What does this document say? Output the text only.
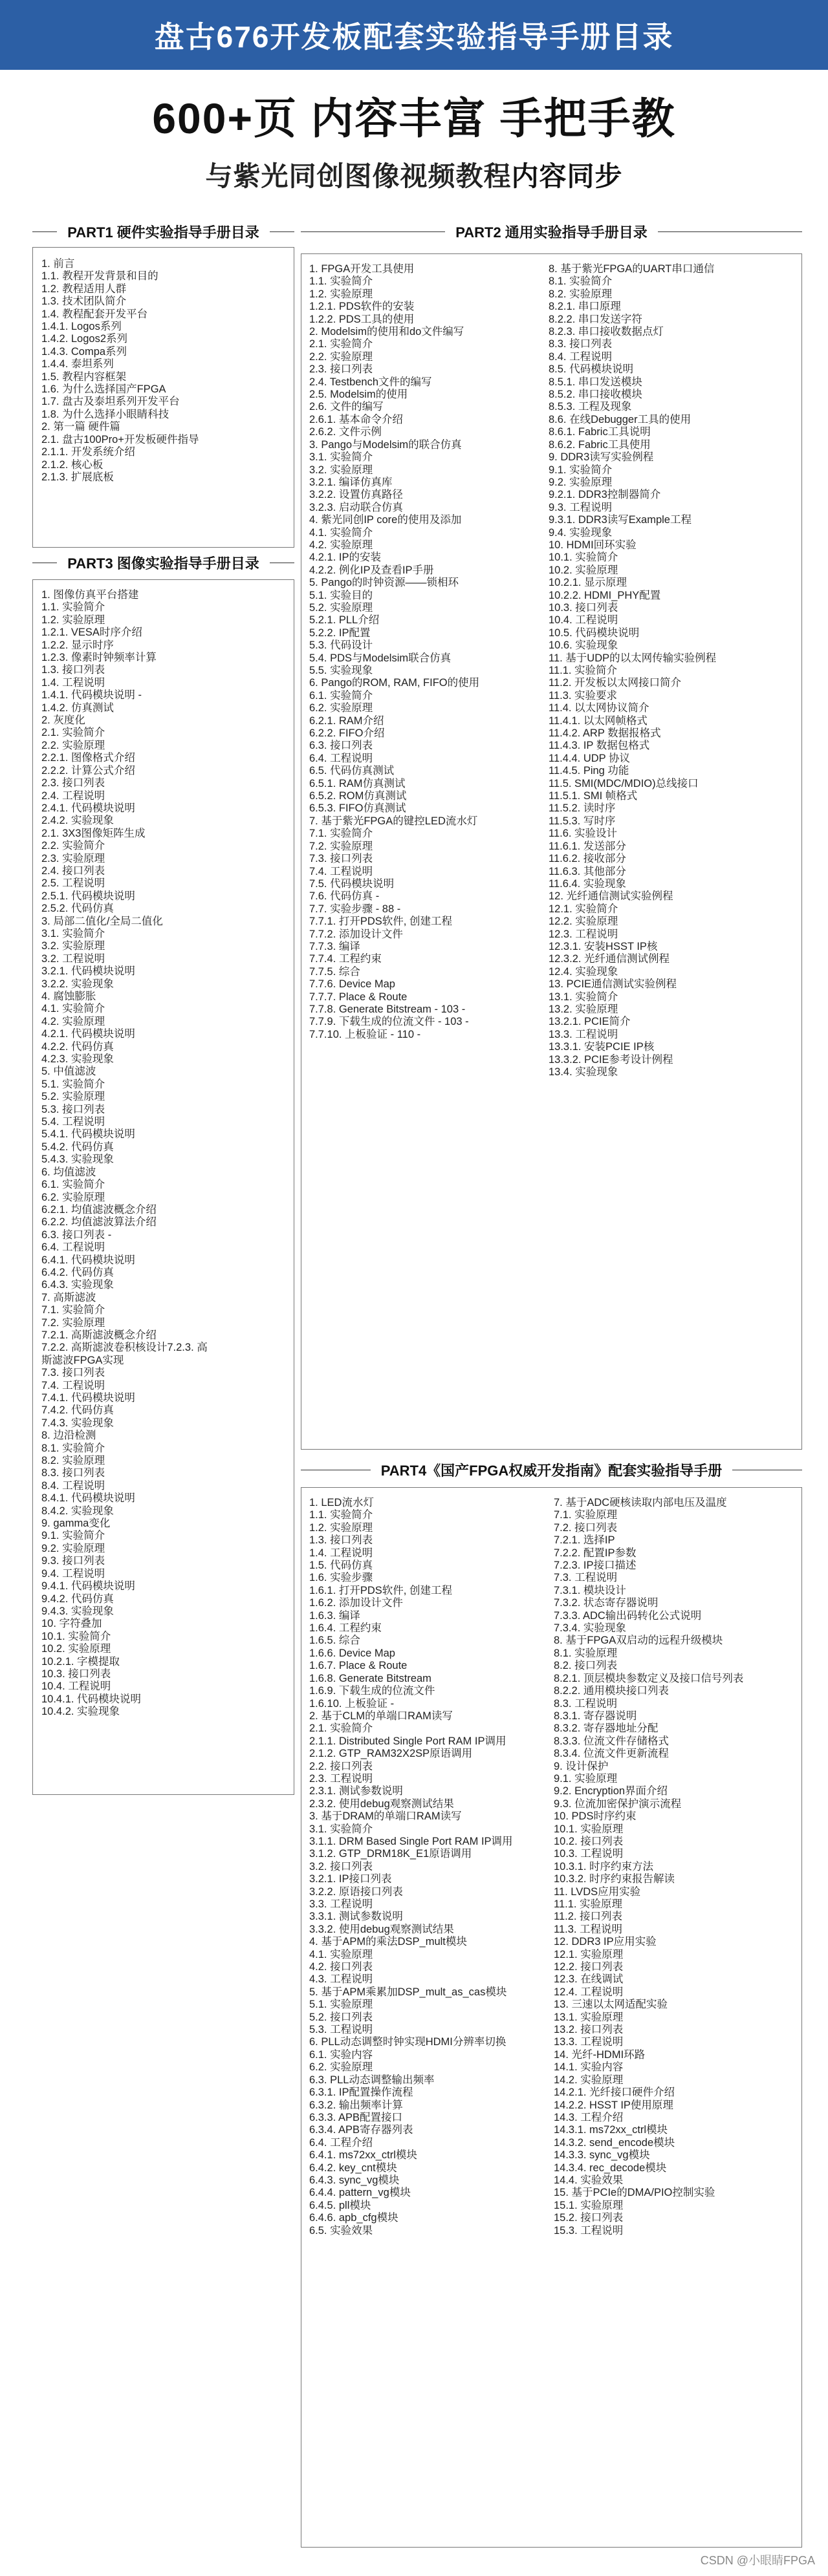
盘古676开发板配套实验指导手册目录
600+页 内容丰富 手把手教
与紫光同创图像视频教程内容同步
PART1 硬件实验指导手册目录
1. 前言
1.1. 教程开发背景和目的
1.2. 教程适用人群
1.3. 技术团队简介
1.4. 教程配套开发平台
1.4.1. Logos系列
1.4.2. Logos2系列
1.4.3. Compa系列
1.4.4. 泰坦系列
1.5. 教程内容框架
1.6. 为什么选择国产FPGA
1.7. 盘古及泰坦系列开发平台
1.8. 为什么选择小眼睛科技
2. 第一篇 硬件篇
2.1. 盘古100Pro+开发板硬件指导
2.1.1. 开发系统介绍
2.1.2. 核心板
2.1.3. 扩展底板
PART3 图像实验指导手册目录
1. 图像仿真平台搭建
1.1. 实验简介
1.2. 实验原理
1.2.1. VESA时序介绍
1.2.2. 显示时序
1.2.3. 像素时钟频率计算
1.3. 接口列表
1.4. 工程说明
1.4.1. 代码模块说明 -
1.4.2. 仿真测试
2. 灰度化
2.1. 实验简介
2.2. 实验原理
2.2.1. 图像格式介绍
2.2.2. 计算公式介绍
2.3. 接口列表
2.4. 工程说明
2.4.1. 代码模块说明
2.4.2. 实验现象
2.1. 3X3图像矩阵生成
2.2. 实验简介
2.3. 实验原理
2.4. 接口列表
2.5. 工程说明
2.5.1. 代码模块说明
2.5.2. 代码仿真
3. 局部二值化/全局二值化
3.1. 实验简介
3.2. 实验原理
3.2. 工程说明
3.2.1. 代码模块说明
3.2.2. 实验现象
4. 腐蚀膨胀
4.1. 实验简介
4.2. 实验原理
4.2.1. 代码模块说明
4.2.2. 代码仿真
4.2.3. 实验现象
5. 中值滤波
5.1. 实验简介
5.2. 实验原理
5.3. 接口列表
5.4. 工程说明
5.4.1. 代码模块说明
5.4.2. 代码仿真
5.4.3. 实验现象
6. 均值滤波
6.1. 实验简介
6.2. 实验原理
6.2.1. 均值滤波概念介绍
6.2.2. 均值滤波算法介绍
6.3. 接口列表 -
6.4. 工程说明
6.4.1. 代码模块说明
6.4.2. 代码仿真
6.4.3. 实验现象
7. 高斯滤波
7.1. 实验简介
7.2. 实验原理
7.2.1. 高斯滤波概念介绍
7.2.2. 高斯滤波卷积核设计7.2.3. 高
斯滤波FPGA实现
7.3. 接口列表
7.4. 工程说明
7.4.1. 代码模块说明
7.4.2. 代码仿真
7.4.3. 实验现象
8. 边沿检测
8.1. 实验简介
8.2. 实验原理
8.3. 接口列表
8.4. 工程说明
8.4.1. 代码模块说明
8.4.2. 实验现象
9. gamma变化
9.1. 实验简介
9.2. 实验原理
9.3. 接口列表
9.4. 工程说明
9.4.1. 代码模块说明
9.4.2. 代码仿真
9.4.3. 实验现象
10. 字符叠加
10.1. 实验简介
10.2. 实验原理
10.2.1. 字模提取
10.3. 接口列表
10.4. 工程说明
10.4.1. 代码模块说明
10.4.2. 实验现象
PART2 通用实验指导手册目录
1. FPGA开发工具使用
1.1. 实验简介
1.2. 实验原理
1.2.1. PDS软件的安装
1.2.2. PDS工具的使用
2. Modelsim的使用和do文件编写
2.1. 实验简介
2.2. 实验原理
2.3. 接口列表
2.4. Testbench文件的编写
2.5. Modelsim的使用
2.6. 文件的编写
2.6.1. 基本命令介绍
2.6.2. 文件示例
3. Pango与Modelsim的联合仿真
3.1. 实验简介
3.2. 实验原理
3.2.1. 编译仿真库
3.2.2. 设置仿真路径
3.2.3. 启动联合仿真
4. 紫光同创IP core的使用及添加
4.1. 实验简介
4.2. 实验原理
4.2.1. IP的安装
4.2.2. 例化IP及查看IP手册
5. Pango的时钟资源——锁相环
5.1. 实验目的
5.2. 实验原理
5.2.1. PLL介绍
5.2.2. IP配置
5.3. 代码设计
5.4. PDS与Modelsim联合仿真
5.5. 实验现象
6. Pango的ROM, RAM, FIFO的使用
6.1. 实验简介
6.2. 实验原理
6.2.1. RAM介绍
6.2.2. FIFO介绍
6.3. 接口列表
6.4. 工程说明
6.5. 代码仿真测试
6.5.1. RAM仿真测试
6.5.2. ROM仿真测试
6.5.3. FIFO仿真测试
7. 基于紫光FPGA的键控LED流水灯
7.1. 实验简介
7.2. 实验原理
7.3. 接口列表
7.4. 工程说明
7.5. 代码模块说明
7.6. 代码仿真 -
7.7. 实验步骤 - 88 -
7.7.1. 打开PDS软件, 创建工程
7.7.2. 添加设计文件
7.7.3. 编译
7.7.4. 工程约束
7.7.5. 综合
7.7.6. Device Map
7.7.7. Place & Route
7.7.8. Generate Bitstream - 103 -
7.7.9. 下载生成的位流文件 - 103 -
7.7.10. 上板验证 - 110 -
8. 基于紫光FPGA的UART串口通信
8.1. 实验简介
8.2. 实验原理
8.2.1. 串口原理
8.2.2. 串口发送字符
8.2.3. 串口接收数据点灯
8.3. 接口列表
8.4. 工程说明
8.5. 代码模块说明
8.5.1. 串口发送模块
8.5.2. 串口接收模块
8.5.3. 工程及现象
8.6. 在线Debugger工具的使用
8.6.1. Fabric工具说明
8.6.2. Fabric工具使用
9. DDR3读写实验例程
9.1. 实验简介
9.2. 实验原理
9.2.1. DDR3控制器简介
9.3. 工程说明
9.3.1. DDR3读写Example工程
9.4. 实验现象
10. HDMI回环实验
10.1. 实验简介
10.2. 实验原理
10.2.1. 显示原理
10.2.2. HDMI_PHY配置
10.3. 接口列表
10.4. 工程说明
10.5. 代码模块说明
10.6. 实验现象
11. 基于UDP的以太网传输实验例程
11.1. 实验简介
11.2. 开发板以太网接口简介
11.3. 实验要求
11.4. 以太网协议简介
11.4.1. 以太网帧格式
11.4.2. ARP 数据报格式
11.4.3. IP 数据包格式
11.4.4. UDP 协议
11.4.5. Ping 功能
11.5. SMI(MDC/MDIO)总线接口
11.5.1. SMI 帧格式
11.5.2. 读时序
11.5.3. 写时序
11.6. 实验设计
11.6.1. 发送部分
11.6.2. 接收部分
11.6.3. 其他部分
11.6.4. 实验现象
12. 光纤通信测试实验例程
12.1. 实验简介
12.2. 实验原理
12.3. 工程说明
12.3.1. 安装HSST IP核
12.3.2. 光纤通信测试例程
12.4. 实验现象
13. PCIE通信测试实验例程
13.1. 实验简介
13.2. 实验原理
13.2.1. PCIE简介
13.3. 工程说明
13.3.1. 安装PCIE IP核
13.3.2. PCIE参考设计例程
13.4. 实验现象
PART4《国产FPGA权威开发指南》配套实验指导手册
1. LED流水灯
1.1. 实验简介
1.2. 实验原理
1.3. 接口列表
1.4. 工程说明
1.5. 代码仿真
1.6. 实验步骤
1.6.1. 打开PDS软件, 创建工程
1.6.2. 添加设计文件
1.6.3. 编译
1.6.4. 工程约束
1.6.5. 综合
1.6.6. Device Map
1.6.7. Place & Route
1.6.8. Generate Bitstream
1.6.9. 下载生成的位流文件
1.6.10. 上板验证 -
2. 基于CLM的单端口RAM读写
2.1. 实验简介
2.1.1. Distributed Single Port RAM IP调用
2.1.2. GTP_RAM32X2SP原语调用
2.2. 接口列表
2.3. 工程说明
2.3.1. 测试参数说明
2.3.2. 使用debug观察测试结果
3. 基于DRAM的单端口RAM读写
3.1. 实验简介
3.1.1. DRM Based Single Port RAM IP调用
3.1.2. GTP_DRM18K_E1原语调用
3.2. 接口列表
3.2.1. IP接口列表
3.2.2. 原语接口列表
3.3. 工程说明
3.3.1. 测试参数说明
3.3.2. 使用debug观察测试结果
4. 基于APM的乘法DSP_mult模块
4.1. 实验原理
4.2. 接口列表
4.3. 工程说明
5. 基于APM乘累加DSP_mult_as_cas模块
5.1. 实验原理
5.2. 接口列表
5.3. 工程说明
6. PLL动态调整时钟实现HDMI分辨率切换
6.1. 实验内容
6.2. 实验原理
6.3. PLL动态调整输出频率
6.3.1. IP配置操作流程
6.3.2. 输出频率计算
6.3.3. APB配置接口
6.3.4. APB寄存器列表
6.4. 工程介绍
6.4.1. ms72xx_ctrl模块
6.4.2. key_cnt模块
6.4.3. sync_vg模块
6.4.4. pattern_vg模块
6.4.5. pll模块
6.4.6. apb_cfg模块
6.5. 实验效果
7. 基于ADC硬核读取内部电压及温度
7.1. 实验原理
7.2. 接口列表
7.2.1. 选择IP
7.2.2. 配置IP参数
7.2.3. IP接口描述
7.3. 工程说明
7.3.1. 模块设计
7.3.2. 状态寄存器说明
7.3.3. ADC输出码转化公式说明
7.3.4. 实验现象
8. 基于FPGA双启动的远程升级模块
8.1. 实验原理
8.2. 接口列表
8.2.1. 顶层模块参数定义及接口信号列表
8.2.2. 通用模块接口列表
8.3. 工程说明
8.3.1. 寄存器说明
8.3.2. 寄存器地址分配
8.3.3. 位流文件存储格式
8.3.4. 位流文件更新流程
9. 设计保护
9.1. 实验原理
9.2. Encryption界面介绍
9.3. 位流加密保护演示流程
10. PDS时序约束
10.1. 实验原理
10.2. 接口列表
10.3. 工程说明
10.3.1. 时序约束方法
10.3.2. 时序约束报告解读
11. LVDS应用实验
11.1. 实验原理
11.2. 接口列表
11.3. 工程说明
12. DDR3 IP应用实验
12.1. 实验原理
12.2. 接口列表
12.3. 在线调试
12.4. 工程说明
13. 三速以太网适配实验
13.1. 实验原理
13.2. 接口列表
13.3. 工程说明
14. 光纤-HDMI环路
14.1. 实验内容
14.2. 实验原理
14.2.1. 光纤接口硬件介绍
14.2.2. HSST IP使用原理
14.3. 工程介绍
14.3.1. ms72xx_ctrl模块
14.3.2. send_encode模块
14.3.3. sync_vg模块
14.3.4. rec_decode模块
14.4. 实验效果
15. 基于PCIe的DMA/PIO控制实验
15.1. 实验原理
15.2. 接口列表
15.3. 工程说明
CSDN @小眼睛FPGA
